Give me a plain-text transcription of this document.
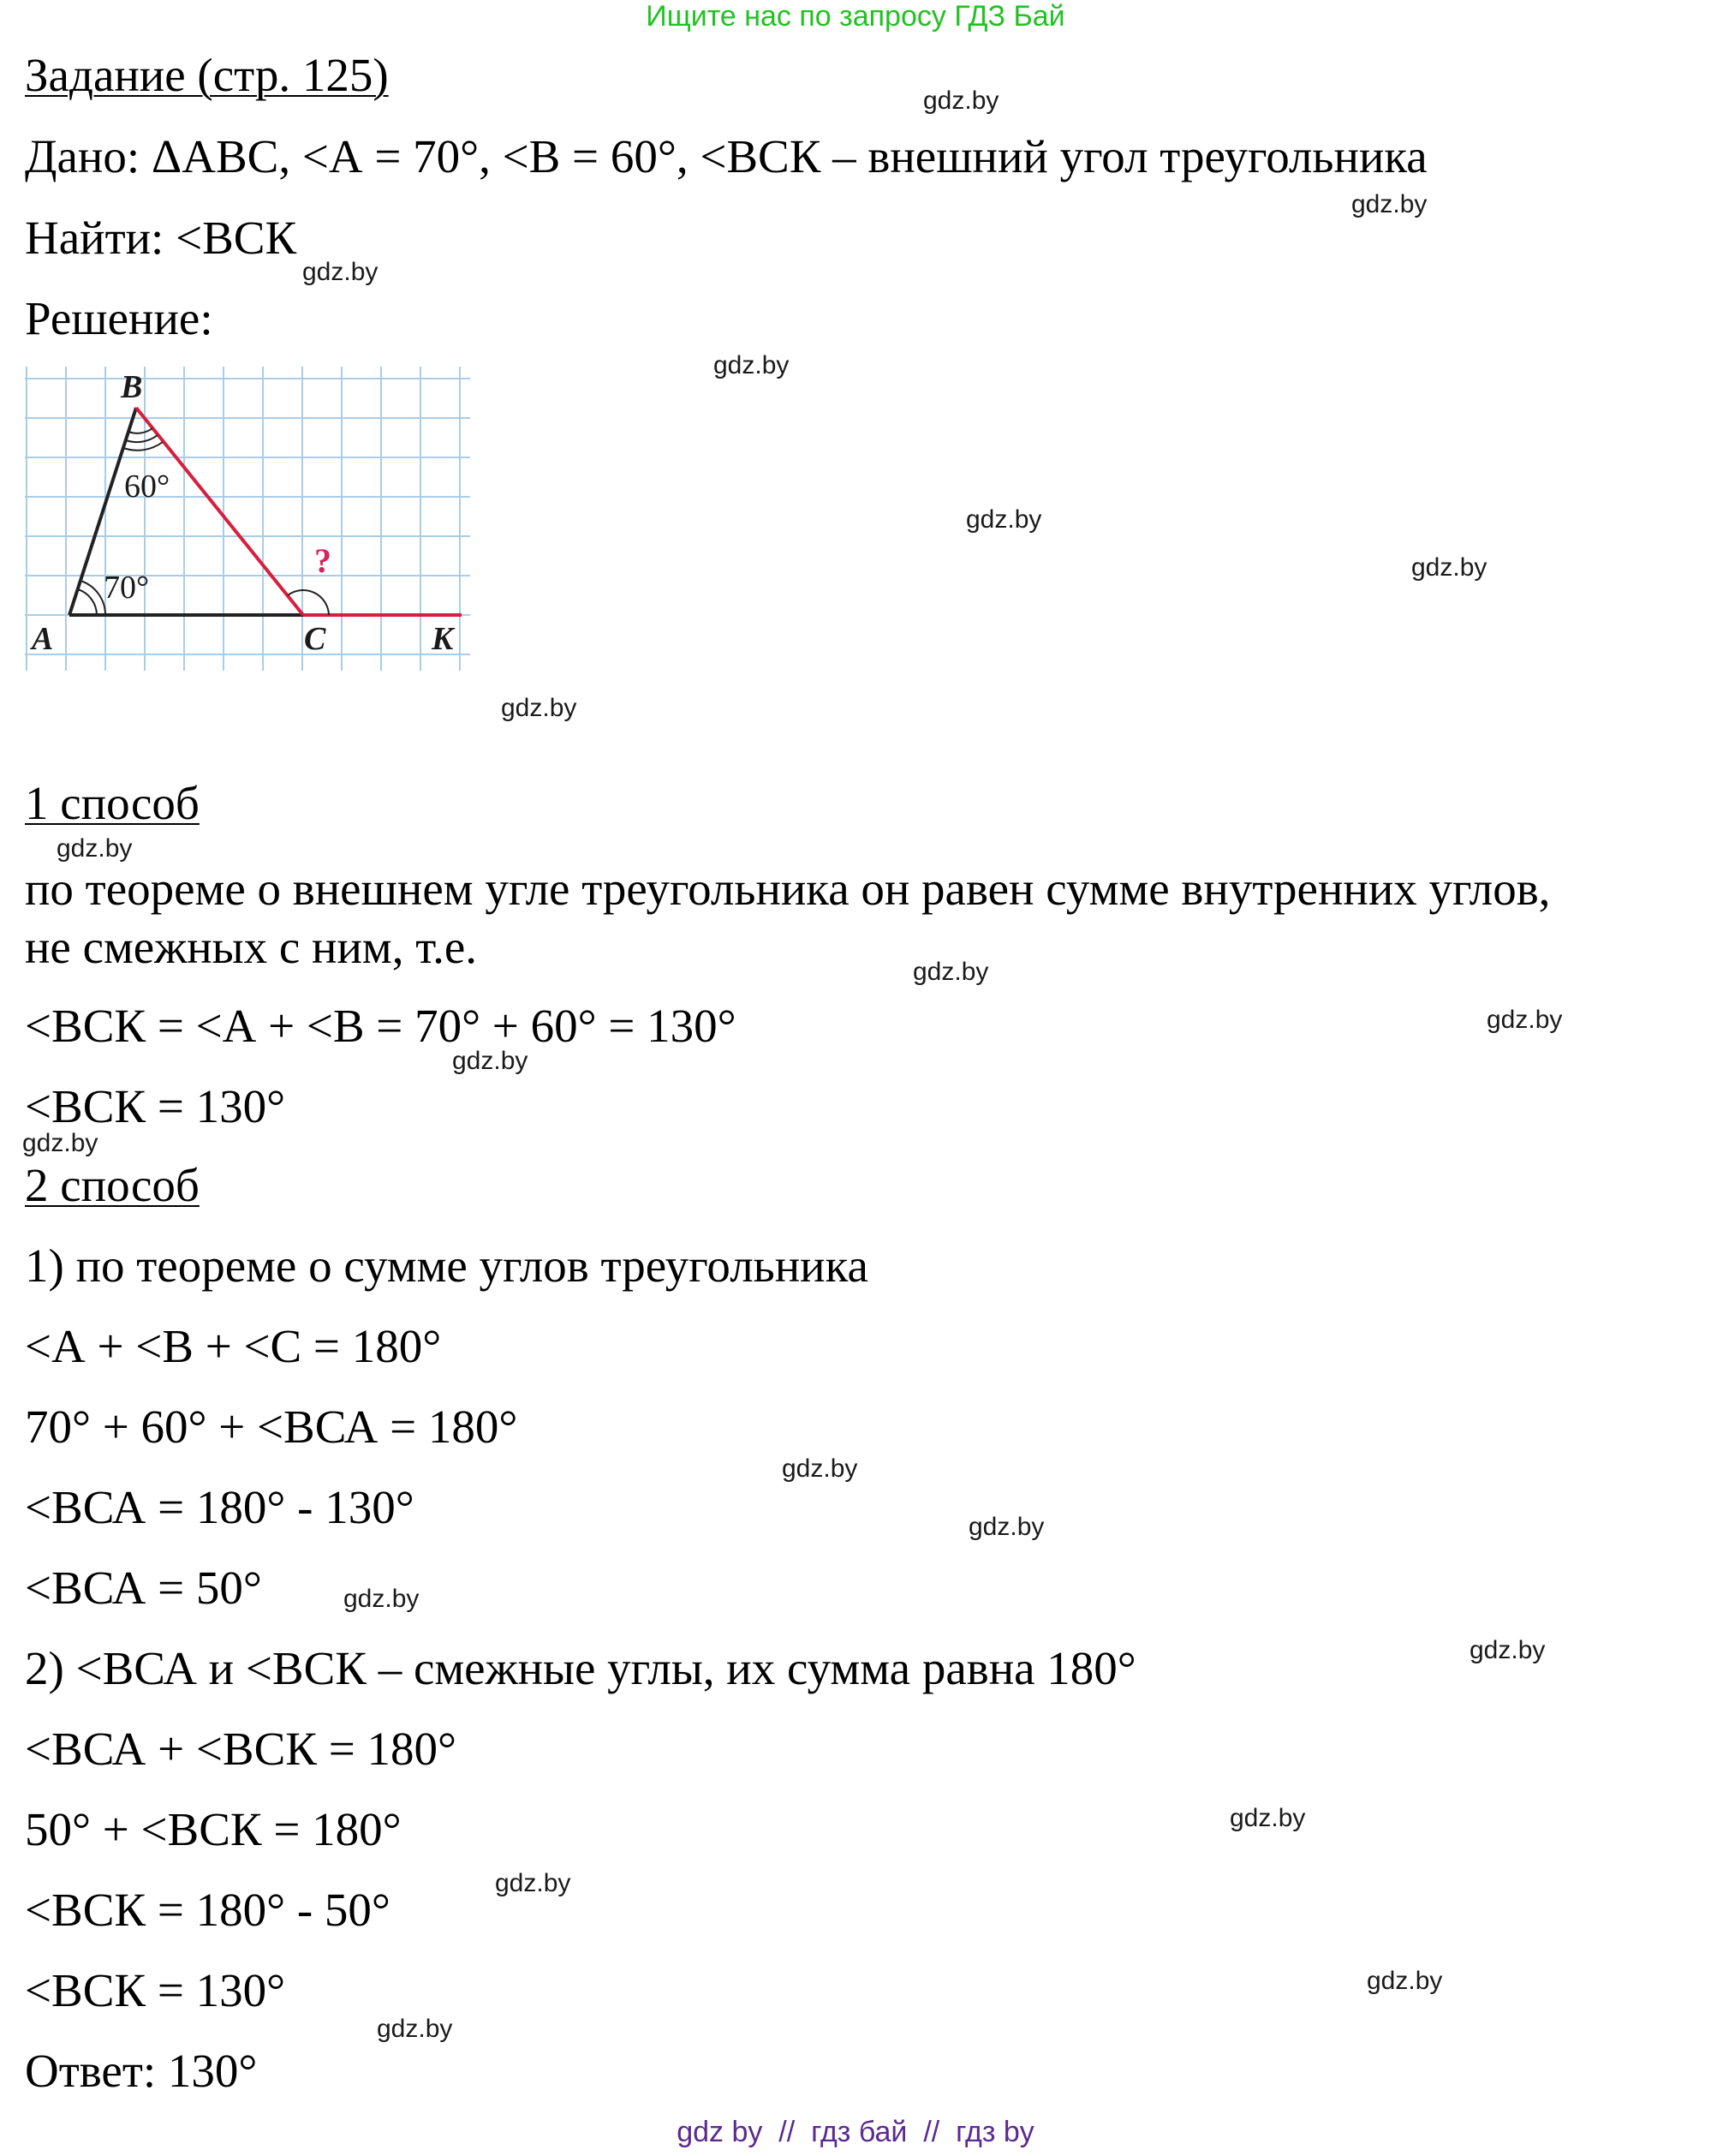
Ищите нас по запросу ГДЗ Бай
Задание (стр. 125)
Дано: ΔАВС, <А = 70°, <В = 60°, <ВСК – внешний угол треугольника
Найти: <ВСК
Решение:
B
60°
70°
?
A	C	K
1 способ
по теореме о внешнем угле треугольника он равен сумме внутренних углов,
не смежных с ним, т.е.
<ВСК = <А + <В = 70° + 60° = 130°
<ВСК = 130°
2 способ
1) по теореме о сумме углов треугольника
<А + <В + <С = 180°
70° + 60° + <ВСА = 180°
<ВСА = 180° - 130°
<ВСА = 50°
2) <ВСА и <ВСК – смежные углы, их сумма равна 180°
<ВСА + <ВСК = 180°
50° + <ВСК = 180°
<ВСК = 180° - 50°
<ВСК = 130°
Ответ: 130°
gdz.by
gdz.by
gdz.by
gdz.by
gdz.by
gdz.by
gdz.by
gdz.by
gdz.by
gdz.by
gdz.by
gdz.by
gdz.by
gdz.by
gdz.by
gdz.by
gdz.by
gdz.by
gdz.by
gdz.by
gdz by  //  гдз бай  //  гдз by
